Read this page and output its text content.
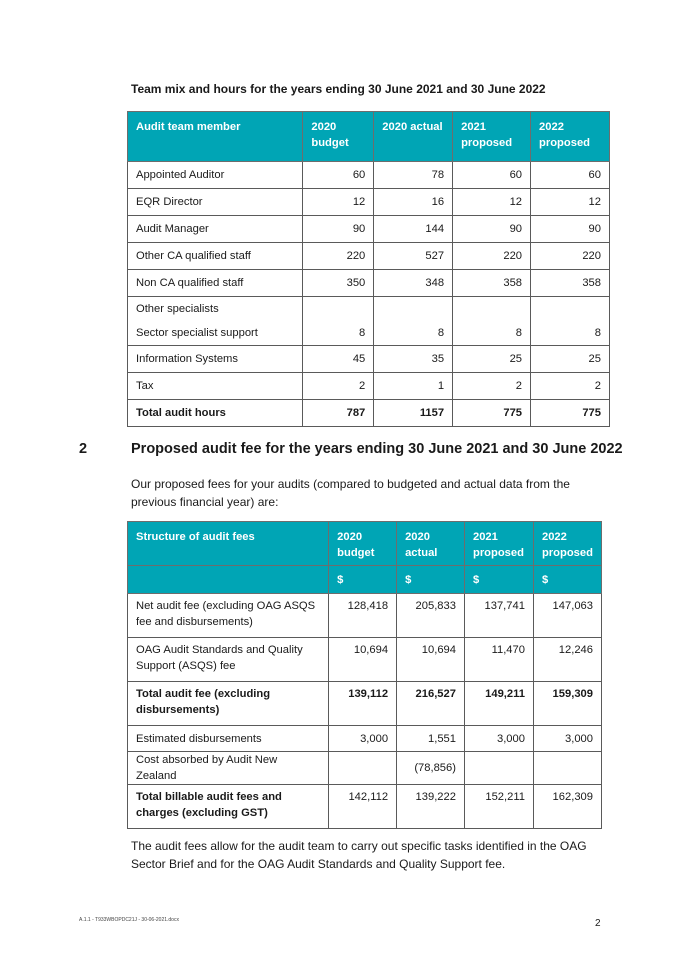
Team mix and hours for the years ending 30 June 2021 and 30 June 2022
Audit team member	2020 budget	2020 actual	2021 proposed	2022 proposed
Appointed Auditor	60	78	60	60
EQR Director	12	16	12	12
Audit Manager	90	144	90	90
Other CA qualified staff	220	527	220	220
Non CA qualified staff	350	348	358	358

Other specialists
Sector specialist support	8	8	8	8
Information Systems	45	35	25	25
Tax	2	1	2	2
Total audit hours	787	1157	775	775
2	Proposed audit fee for the years ending 30 June 2021 and 30 June 2022
Our proposed fees for your audits (compared to budgeted and actual data from the previous financial year) are:
Structure of audit fees	2020 budget	2020 actual	2021 proposed	2022 proposed
	$	$	$	$
Net audit fee (excluding OAG ASQS fee and disbursements)	128,418	205,833	137,741	147,063
OAG Audit Standards and Quality Support (ASQS) fee	10,694	10,694	11,470	12,246
Total audit fee (excluding disbursements)	139,112	216,527	149,211	159,309
Estimated disbursements	3,000	1,551	3,000	3,000
Cost absorbed by Audit New Zealand		(78,856)		
Total billable audit fees and charges (excluding GST)	142,112	139,222	152,211	162,309
The audit fees allow for the audit team to carry out specific tasks identified in the OAG Sector Brief and for the OAG Audit Standards and Quality Support fee.
A.1.1 - T933WBOPDC21J - 30-06-2021.docx	2
